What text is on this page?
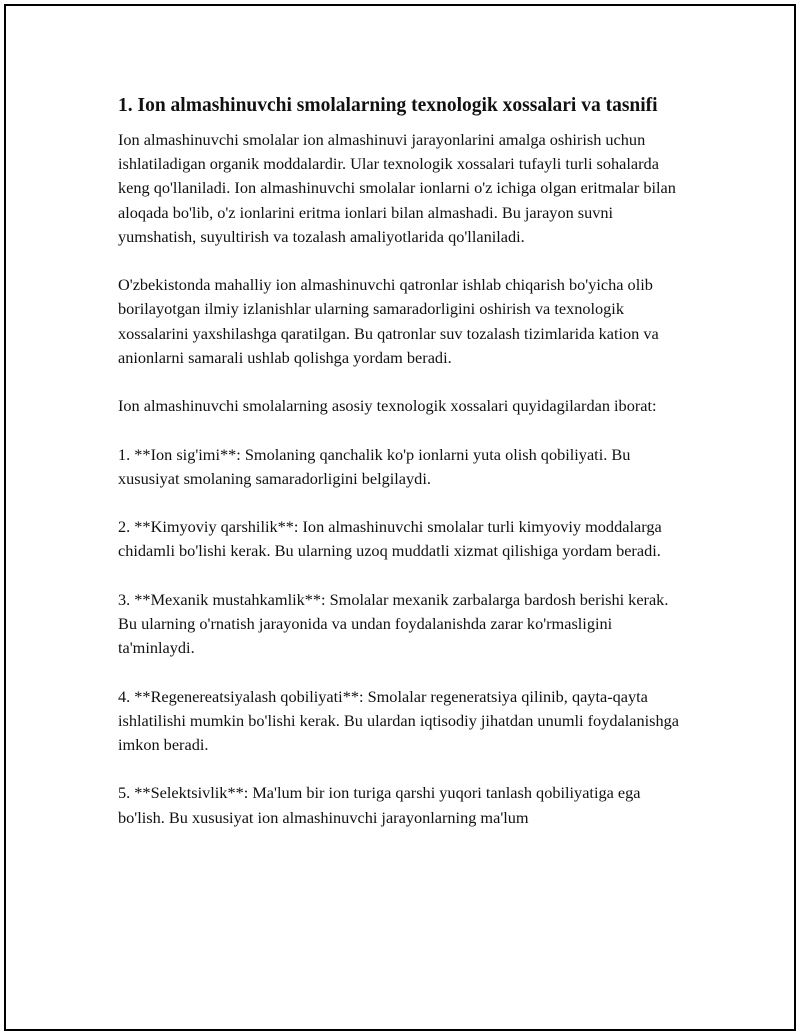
1. Ion almashinuvchi smolalarning texnologik xossalari va tasnifi

Ion almashinuvchi smolalar ion almashinuvi jarayonlarini amalga oshirish uchun ishlatiladigan organik moddalardir. Ular texnologik xossalari tufayli turli sohalarda keng qo'llaniladi. Ion almashinuvchi smolalar ionlarni o'z ichiga olgan eritmalar bilan aloqada bo'lib, o'z ionlarini eritma ionlari bilan almashadi. Bu jarayon suvni yumshatish, suyultirish va tozalash amaliyotlarida qo'llaniladi.

O'zbekistonda mahalliy ion almashinuvchi qatronlar ishlab chiqarish bo'yicha olib borilayotgan ilmiy izlanishlar ularning samaradorligini oshirish va texnologik xossalarini yaxshilashga qaratilgan. Bu qatronlar suv tozalash tizimlarida kation va anionlarni samarali ushlab qolishga yordam beradi.

Ion almashinuvchi smolalarning asosiy texnologik xossalari quyidagilardan iborat:

1. **Ion sig'imi**: Smolaning qanchalik ko'p ionlarni yuta olish qobiliyati. Bu xususiyat smolaning samaradorligini belgilaydi.

2. **Kimyoviy qarshilik**: Ion almashinuvchi smolalar turli kimyoviy moddalarga chidamli bo'lishi kerak. Bu ularning uzoq muddatli xizmat qilishiga yordam beradi.

3. **Mexanik mustahkamlik**: Smolalar mexanik zarbalarga bardosh berishi kerak. Bu ularning o'rnatish jarayonida va undan foydalanishda zarar ko'rmasligini ta'minlaydi.

4. **Regenereatsiyalash qobiliyati**: Smolalar regeneratsiya qilinib, qayta-qayta ishlatilishi mumkin bo'lishi kerak. Bu ulardan iqtisodiy jihatdan unumli foydalanishga imkon beradi.

5. **Selektsivlik**: Ma'lum bir ion turiga qarshi yuqori tanlash qobiliyatiga ega bo'lish. Bu xususiyat ion almashinuvchi jarayonlarning ma'lum
